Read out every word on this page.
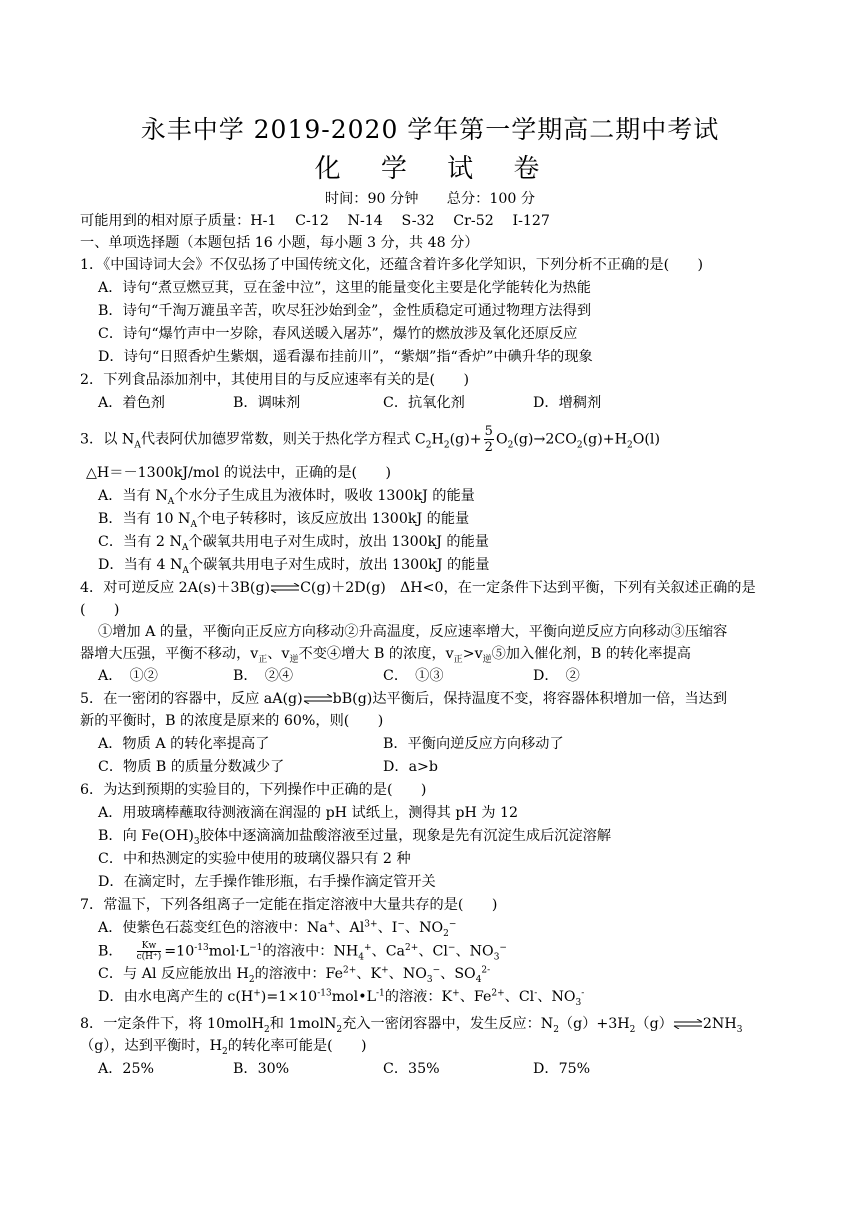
永丰中学 2019-2020 学年第一学期高二期中考试
化 学 试 卷
时间：90 分钟　　总分：100 分
可能用到的相对原子质量：H-1　 C-12　 N-14　 S-32　 Cr-52　 I-127
一、单项选择题（本题包括 16 小题，每小题 3 分，共 48 分）
1．《中国诗词大会》不仅弘扬了中国传统文化，还蕴含着许多化学知识，下列分析不正确的是(　　)
A．诗句“煮豆燃豆萁，豆在釜中泣”，这里的能量变化主要是化学能转化为热能
B．诗句“千淘万漉虽辛苦，吹尽狂沙始到金”，金性质稳定可通过物理方法得到
C．诗句“爆竹声中一岁除，春风送暖入屠苏”，爆竹的燃放涉及氧化还原反应
D．诗句“日照香炉生紫烟，遥看瀑布挂前川”，“紫烟”指“香炉”中碘升华的现象
2．下列食品添加剂中，其使用目的与反应速率有关的是(　　)
A．着色剂	B．调味剂	C．抗氧化剂	D．增稠剂
3．以 $N_A$代表阿伏加德罗常数，则关于热化学方程式 $C_2H_2(g)+ \frac{5}{2} O_2(g)\to 2CO_2(g)+H_2O(l)$
△H＝－1300kJ/mol 的说法中，正确的是(　　)
A．当有 $N_A$个水分子生成且为液体时，吸收 1300kJ 的能量
B．当有 10 $N_A$个电子转移时，该反应放出 1300kJ 的能量
C．当有 2 $N_A$个碳氧共用电子对生成时，放出 1300kJ 的能量
D．当有 4 $N_A$个碳氧共用电子对生成时，放出 1300kJ 的能量
4．对可逆反应 2A(s)＋3B(g)⇌C(g)＋2D(g)　ΔH<0，在一定条件下达到平衡，下列有关叙述正确的是
(　　)
①增加 A 的量，平衡向正反应方向移动②升高温度，反应速率增大，平衡向逆反应方向移动③压缩容
器增大压强，平衡不移动，$v_正$、$v_逆$不变④增大 B 的浓度，$v_正>v_逆⑤$加入催化剂，B 的转化率提高
A．　①②	B．　②④	C．　①③	D．　②
5．在一密闭的容器中，反应 aA(g)⇌bB(g)达平衡后，保持温度不变，将容器体积增加一倍，当达到
新的平衡时，B 的浓度是原来的 60%，则(　　)
A．物质 A 的转化率提高了	B．平衡向逆反应方向移动了
C．物质 B 的质量分数减少了	D．a>b
6．为达到预期的实验目的，下列操作中正确的是(　　)
A．用玻璃棒蘸取待测液滴在润湿的 pH 试纸上，测得其 pH 为 12
B．向 $Fe(OH)_3$胶体中逐滴滴加盐酸溶液至过量，现象是先有沉淀生成后沉淀溶解
C．中和热测定的实验中使用的玻璃仪器只有 2 种
D．在滴定时，左手操作锥形瓶，右手操作滴定管开关
7．常温下，下列各组离子一定能在指定溶液中大量共存的是(　　)
A．使紫色石蕊变红色的溶液中：Na+、$Al^{3+}$、I−、$NO_2^-$
B． $\frac{Kw}{c(H^+)} =10^{-13}mol\cdot L^{-1}$的溶液中：$NH_4^+$、$Ca^{2+}$、Cl−、$NO_3^-$
C．与 Al 反应能放出 $H_2$的溶液中：$Fe^{2+}$、K+、$NO_3^-$、$SO_4^{2-}$
D．由水电离产生的 $c(H^+)=1\times 10^{-13}mol•L^{-1}$的溶液：K+、$Fe^{2+}$、Cl-、$NO_3^-$
8．一定条件下，将 10molH$_2$和 1molN$_2$充入一密闭容器中，发生反应：$N_2(g)+3H_2(g)\rightleftharpoons 2NH_3$
（g），达到平衡时，$H_2$的转化率可能是(　　)
A．25%	B．30%	C．35%	D．75%
